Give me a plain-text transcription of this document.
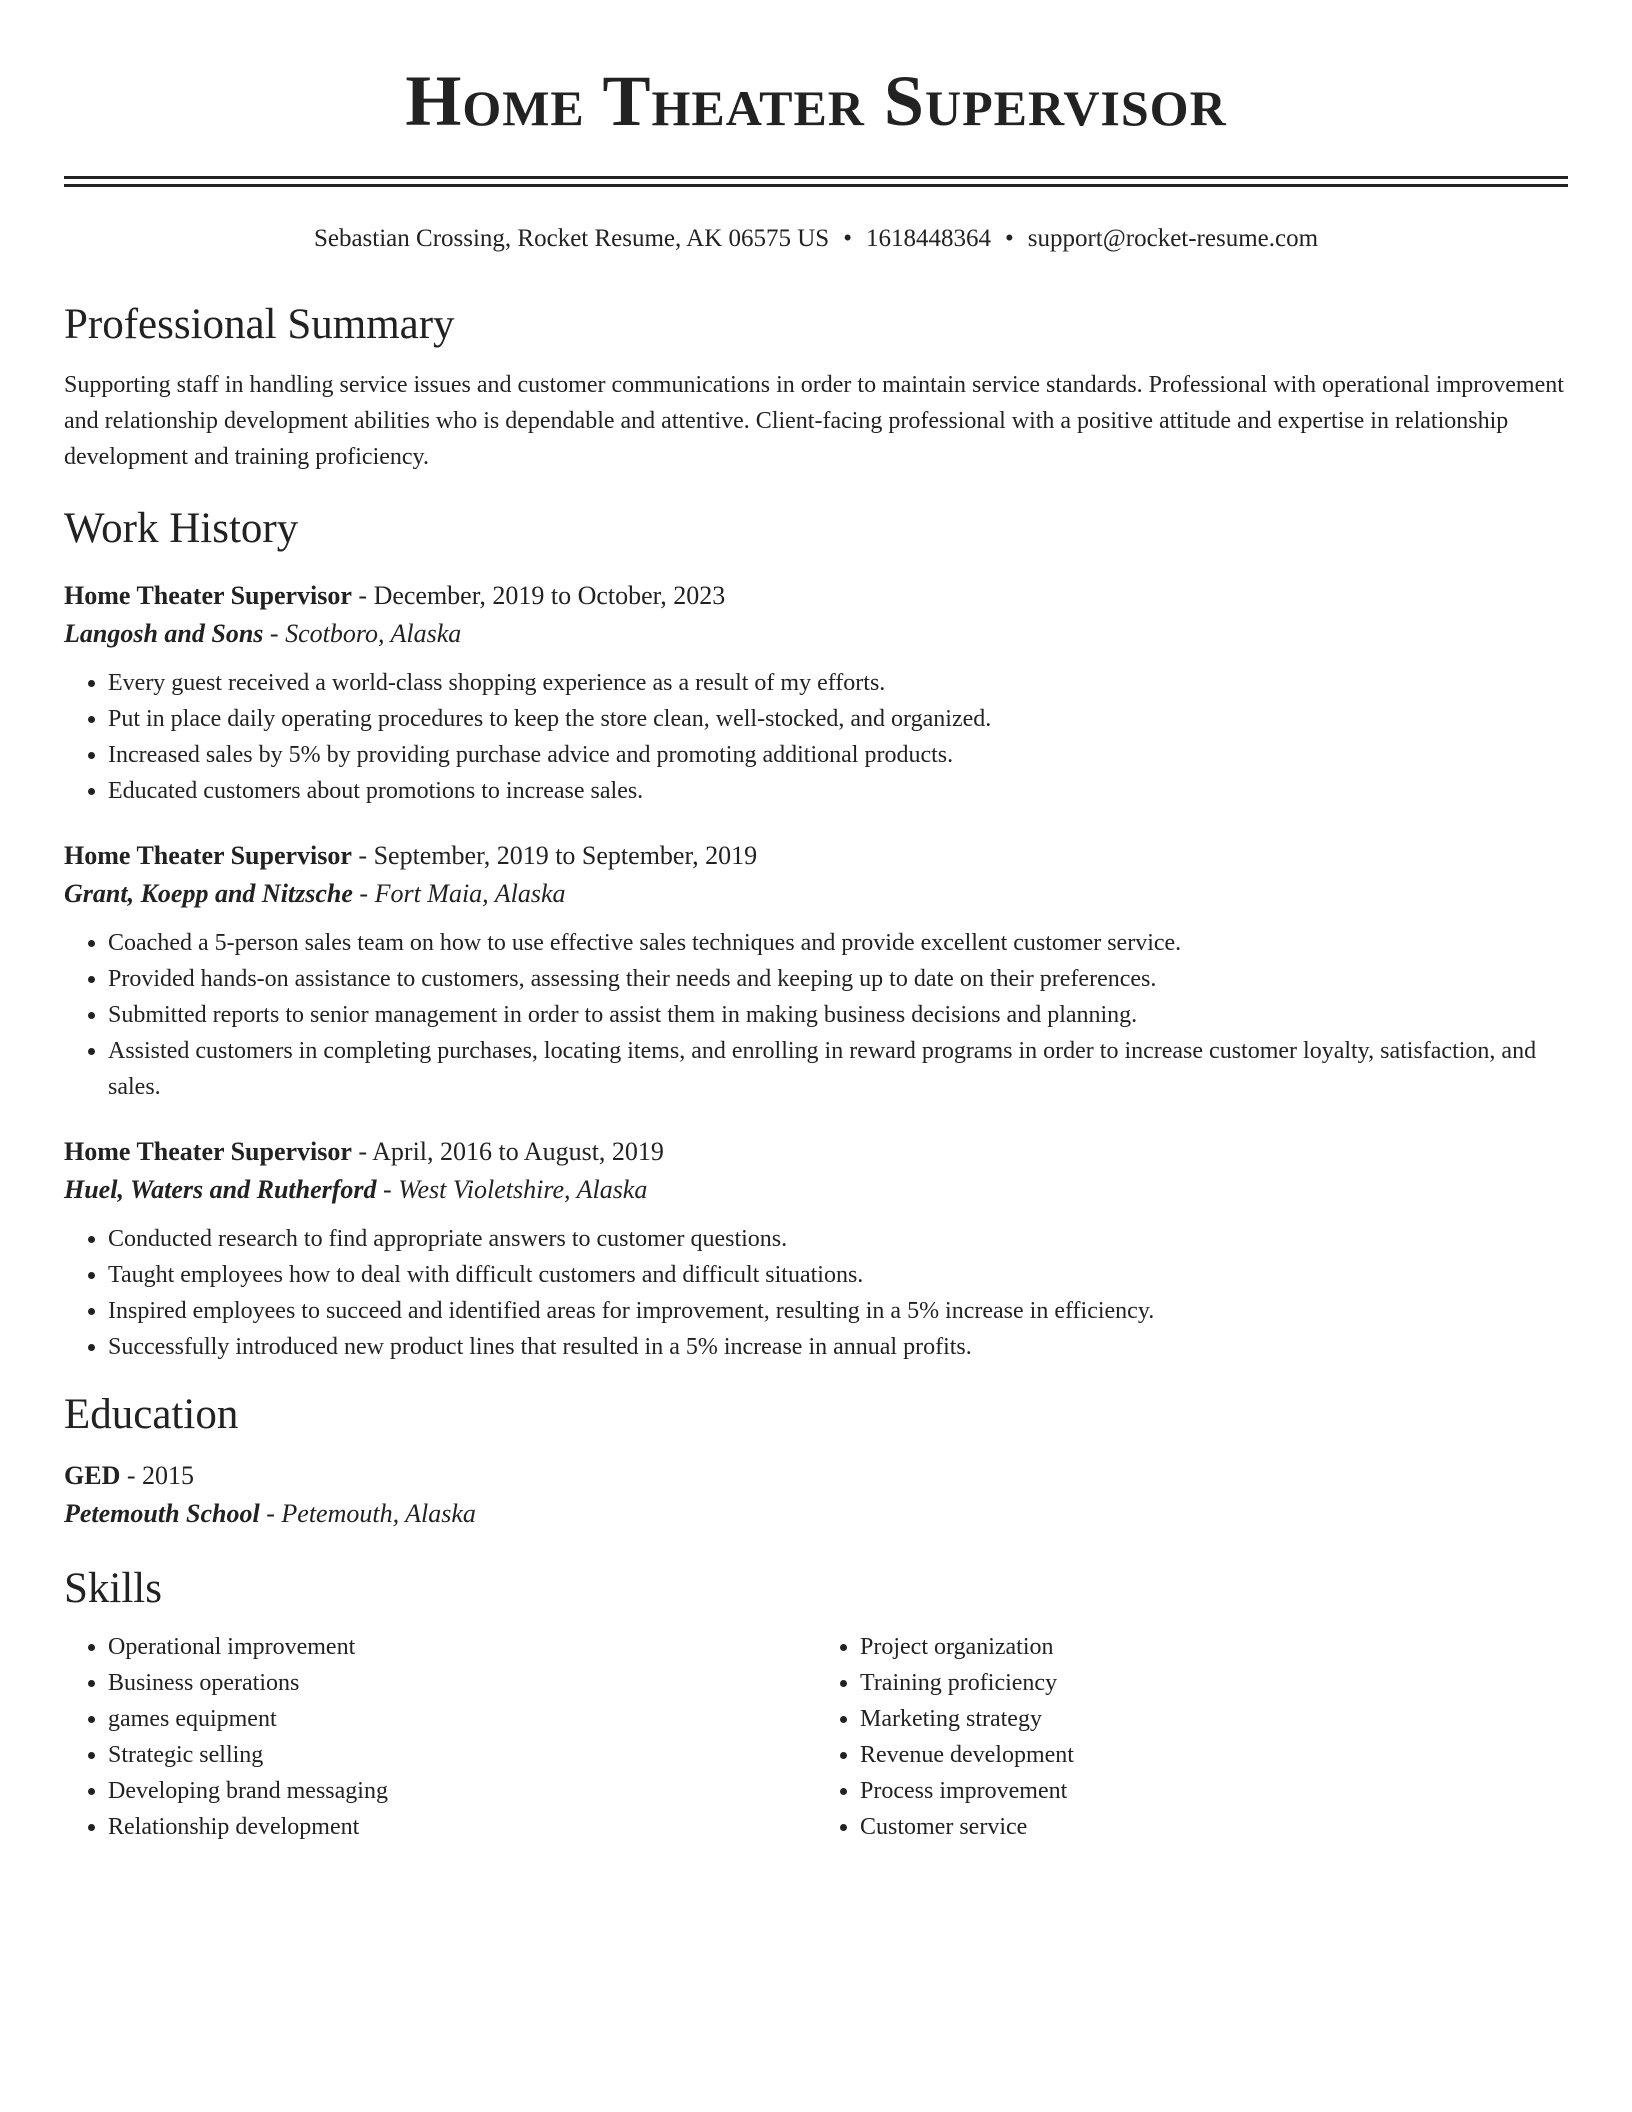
Home Theater Supervisor
Sebastian Crossing, Rocket Resume, AK 06575 US • 1618448364 • support@rocket-resume.com
Professional Summary

Supporting staff in handling service issues and customer communications in order to maintain service standards. Professional with operational improvement and relationship development abilities who is dependable and attentive. Client-facing professional with a positive attitude and expertise in relationship development and training proficiency.

Work History
Home Theater Supervisor - December, 2019 to October, 2023
Langosh and Sons - Scotboro, Alaska
• Every guest received a world-class shopping experience as a result of my efforts.
• Put in place daily operating procedures to keep the store clean, well-stocked, and organized.
• Increased sales by 5% by providing purchase advice and promoting additional products.
• Educated customers about promotions to increase sales.
Home Theater Supervisor - September, 2019 to September, 2019
Grant, Koepp and Nitzsche - Fort Maia, Alaska
• Coached a 5-person sales team on how to use effective sales techniques and provide excellent customer service.
• Provided hands-on assistance to customers, assessing their needs and keeping up to date on their preferences.
• Submitted reports to senior management in order to assist them in making business decisions and planning.
• Assisted customers in completing purchases, locating items, and enrolling in reward programs in order to increase customer loyalty, satisfaction, and sales.
Home Theater Supervisor - April, 2016 to August, 2019
Huel, Waters and Rutherford - West Violetshire, Alaska
• Conducted research to find appropriate answers to customer questions.
• Taught employees how to deal with difficult customers and difficult situations.
• Inspired employees to succeed and identified areas for improvement, resulting in a 5% increase in efficiency.
• Successfully introduced new product lines that resulted in a 5% increase in annual profits.
Education
GED - 2015
Petemouth School - Petemouth, Alaska
Skills
• Operational improvement
• Business operations
• games equipment
• Strategic selling
• Developing brand messaging
• Relationship development
• Project organization
• Training proficiency
• Marketing strategy
• Revenue development
• Process improvement
• Customer service
